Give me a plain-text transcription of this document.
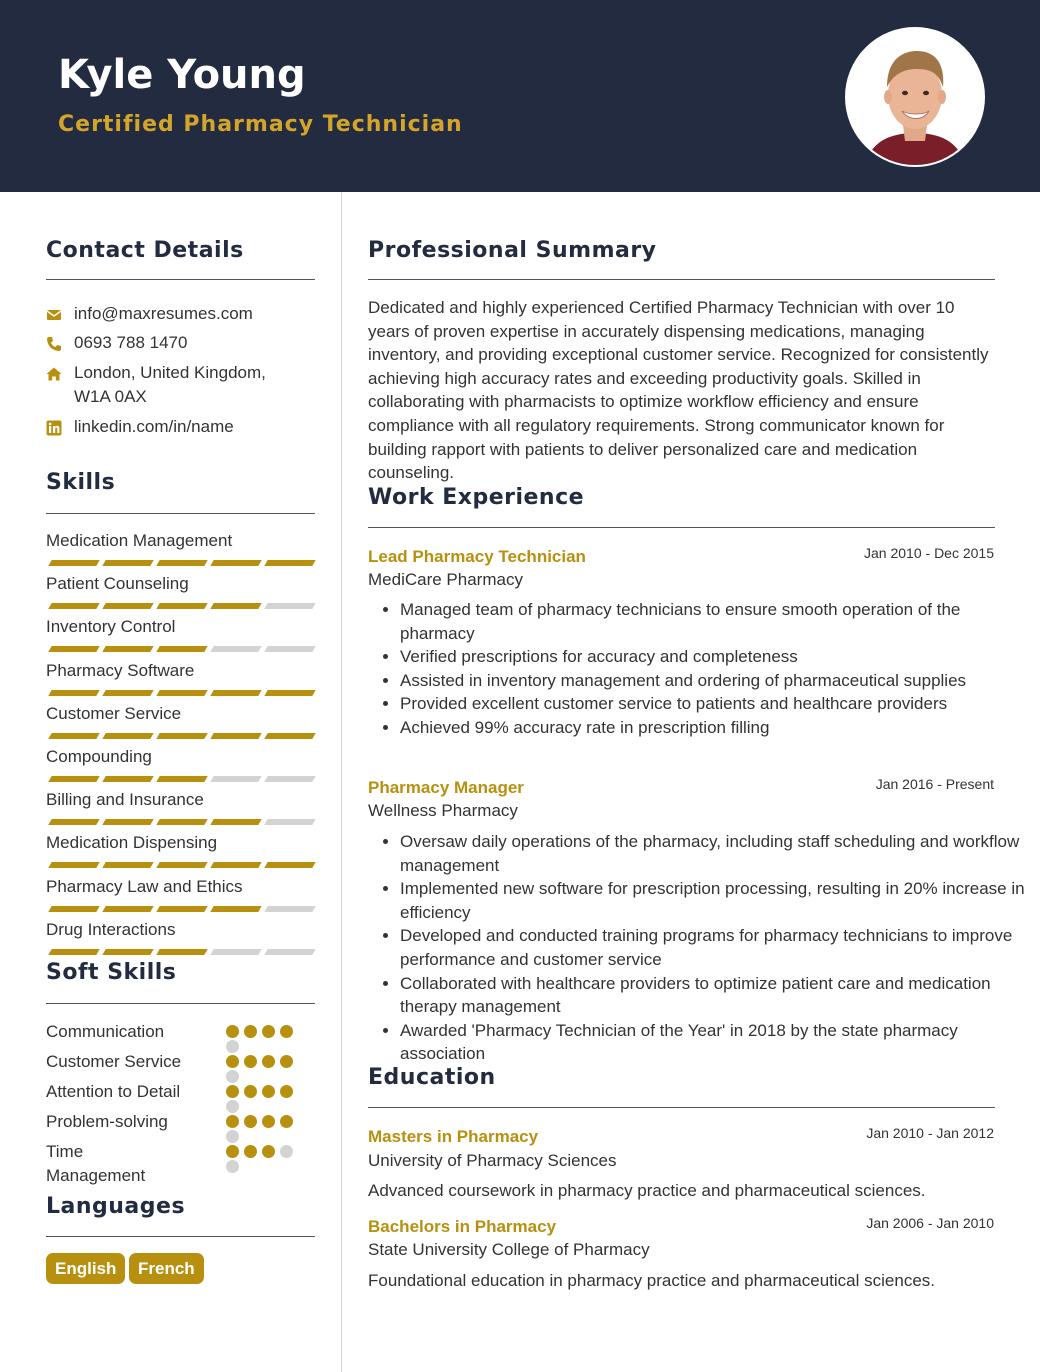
Kyle Young
Certified Pharmacy Technician
Contact Details
info@maxresumes.com
0693 788 1470
London, United Kingdom, W1A 0AX
linkedin.com/in/name
Skills
Medication Management
Patient Counseling
Inventory Control
Pharmacy Software
Customer Service
Compounding
Billing and Insurance
Medication Dispensing
Pharmacy Law and Ethics
Drug Interactions
Soft Skills
Communication
Customer Service
Attention to Detail
Problem-solving
Time Management
Languages
English	French
Professional Summary
Dedicated and highly experienced Certified Pharmacy Technician with over 10 years of proven expertise in accurately dispensing medications, managing inventory, and providing exceptional customer service. Recognized for consistently achieving high accuracy rates and exceeding productivity goals. Skilled in collaborating with pharmacists to optimize workflow efficiency and ensure compliance with all regulatory requirements. Strong communicator known for building rapport with patients to deliver personalized care and medication counseling.
Work Experience
Lead Pharmacy Technician	Jan 2010 - Dec 2015
MediCare Pharmacy
• Managed team of pharmacy technicians to ensure smooth operation of the pharmacy
• Verified prescriptions for accuracy and completeness
• Assisted in inventory management and ordering of pharmaceutical supplies
• Provided excellent customer service to patients and healthcare providers
• Achieved 99% accuracy rate in prescription filling
Pharmacy Manager	Jan 2016 - Present
Wellness Pharmacy
• Oversaw daily operations of the pharmacy, including staff scheduling and workflow management
• Implemented new software for prescription processing, resulting in 20% increase in efficiency
• Developed and conducted training programs for pharmacy technicians to improve performance and customer service
• Collaborated with healthcare providers to optimize patient care and medication therapy management
• Awarded 'Pharmacy Technician of the Year' in 2018 by the state pharmacy association
Education
Masters in Pharmacy	Jan 2010 - Jan 2012
University of Pharmacy Sciences
Advanced coursework in pharmacy practice and pharmaceutical sciences.
Bachelors in Pharmacy	Jan 2006 - Jan 2010
State University College of Pharmacy
Foundational education in pharmacy practice and pharmaceutical sciences.
